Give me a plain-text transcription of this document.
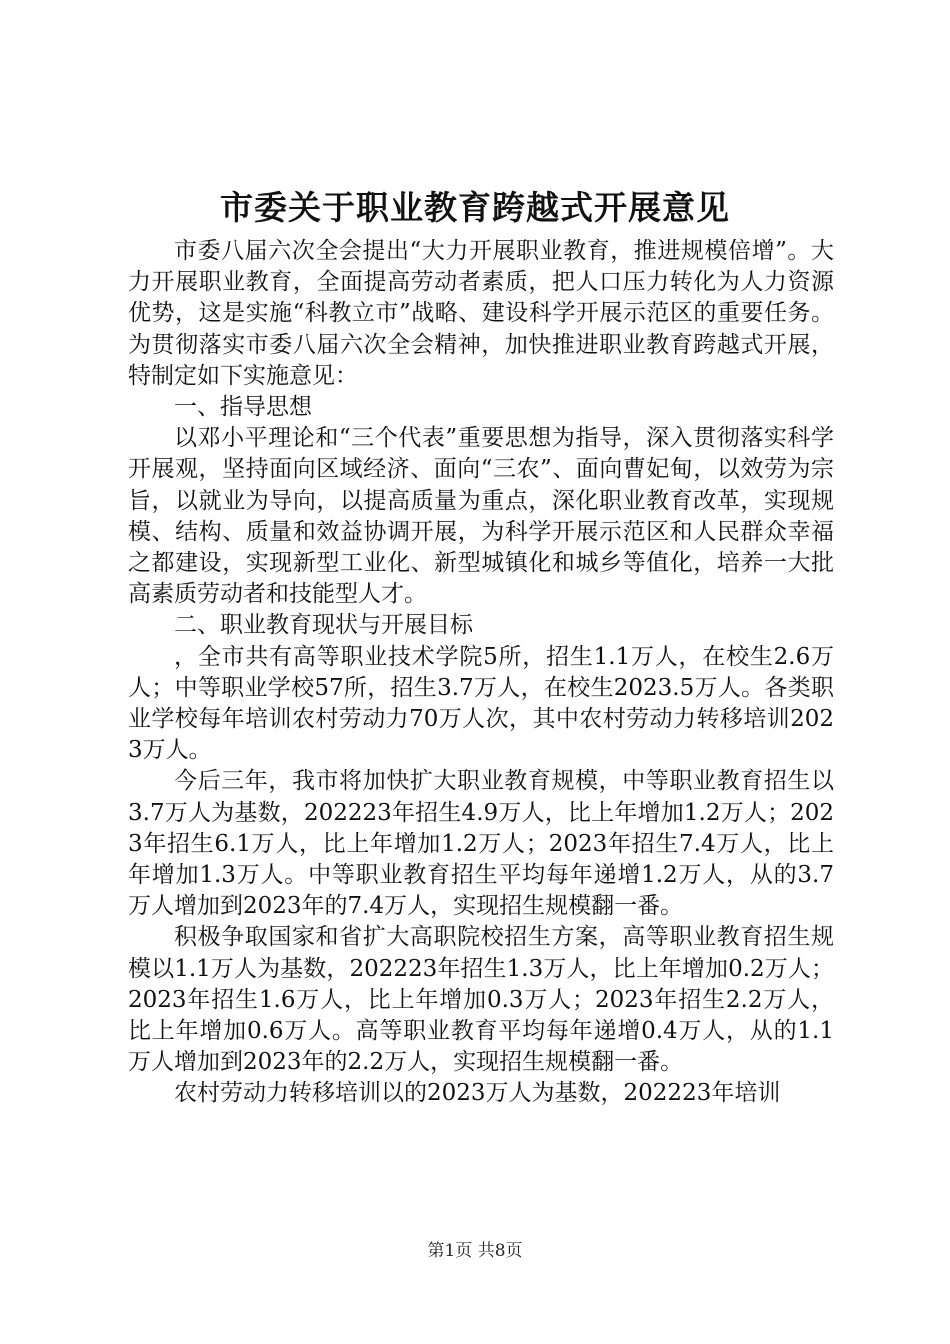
市委关于职业教育跨越式开展意见

市委八届六次全会提出“大力开展职业教育，推进规模倍增”。大力开展职业教育，全面提高劳动者素质，把人口压力转化为人力资源优势，这是实施“科教立市”战略、建设科学开展示范区的重要任务。为贯彻落实市委八届六次全会精神，加快推进职业教育跨越式开展，特制定如下实施意见：

一、指导思想

以邓小平理论和“三个代表”重要思想为指导，深入贯彻落实科学开展观，坚持面向区域经济、面向“三农”、面向曹妃甸，以效劳为宗旨，以就业为导向，以提高质量为重点，深化职业教育改革，实现规模、结构、质量和效益协调开展，为科学开展示范区和人民群众幸福之都建设，实现新型工业化、新型城镇化和城乡等值化，培养一大批高素质劳动者和技能型人才。

二、职业教育现状与开展目标

，全市共有高等职业技术学院5所，招生1.1万人，在校生2.6万人；中等职业学校57所，招生3.7万人，在校生2023.5万人。各类职业学校每年培训农村劳动力70万人次，其中农村劳动力转移培训2023万人。

今后三年，我市将加快扩大职业教育规模，中等职业教育招生以3.7万人为基数，202223年招生4.9万人，比上年增加1.2万人；2023年招生6.1万人，比上年增加1.2万人；2023年招生7.4万人，比上年增加1.3万人。中等职业教育招生平均每年递增1.2万人，从的3.7万人增加到2023年的7.4万人，实现招生规模翻一番。

积极争取国家和省扩大高职院校招生方案，高等职业教育招生规模以1.1万人为基数，202223年招生1.3万人，比上年增加0.2万人；2023年招生1.6万人，比上年增加0.3万人；2023年招生2.2万人，比上年增加0.6万人。高等职业教育平均每年递增0.4万人，从的1.1万人增加到2023年的2.2万人，实现招生规模翻一番。

农村劳动力转移培训以的2023万人为基数，202223年培训

第1页 共8页
